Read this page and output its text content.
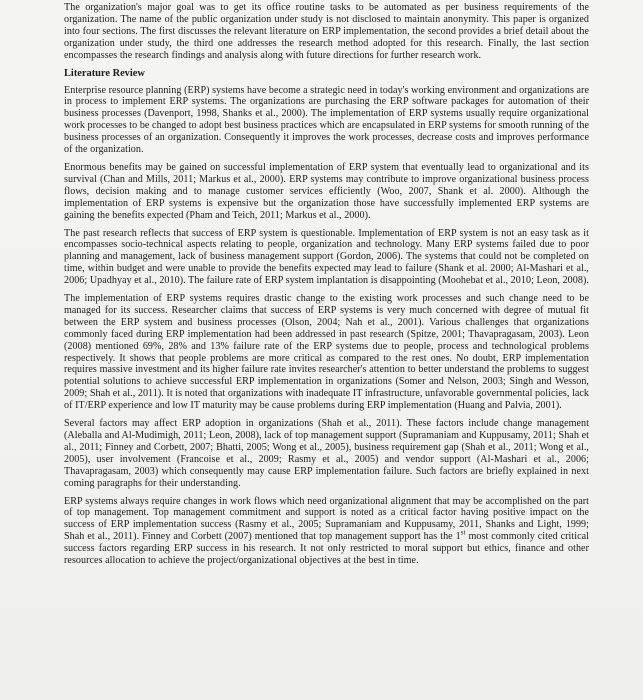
The organization's major goal was to get its office routine tasks to be automated as per business requirements of the organization. The name of the public organization under study is not disclosed to maintain anonymity. This paper is organized into four sections. The first discusses the relevant literature on ERP implementation, the second provides a brief detail about the organization under study, the third one addresses the research method adopted for this research. Finally, the last section encompasses the research findings and analysis along with future directions for further research work.

Literature Review

Enterprise resource planning (ERP) systems have become a strategic need in today's working environment and organizations are in process to implement ERP systems. The organizations are purchasing the ERP software packages for automation of their business processes (Davenport, 1998, Shanks et al., 2000). The implementation of ERP systems usually require organizational work processes to be changed to adopt best business practices which are encapsulated in ERP systems for smooth running of the business processes of an organization. Consequently it improves the work processes, decrease costs and improves performance of the organization.

Enormous benefits may be gained on successful implementation of ERP system that eventually lead to organizational and its survival (Chan and Mills, 2011; Markus et al., 2000). ERP systems may contribute to improve organizational business process flows, decision making and to manage customer services efficiently (Woo, 2007, Shank et al. 2000). Although the implementation of ERP systems is expensive but the organization those have successfully implemented ERP systems are gaining the benefits expected (Pham and Teich, 2011; Markus et al., 2000).

The past research reflects that success of ERP system is questionable. Implementation of ERP system is not an easy task as it encompasses socio-technical aspects relating to people, organization and technology. Many ERP systems failed due to poor planning and management, lack of business management support (Gordon, 2006). The systems that could not be completed on time, within budget and were unable to provide the benefits expected may lead to failure (Shank et al. 2000; Al-Mashari et al., 2006; Upadhyay et al., 2010). The failure rate of ERP system implantation is disappointing (Moohebat et al., 2010; Leon, 2008).

The implementation of ERP systems requires drastic change to the existing work processes and such change need to be managed for its success. Researcher claims that success of ERP systems is very much concerned with degree of mutual fit between the ERP system and business processes (Olson, 2004; Nah et al., 2001). Various challenges that organizations commonly faced during ERP implementation had been addressed in past research (Spitze, 2001; Thavapragasam, 2003). Leon (2008) mentioned 69%, 28% and 13% failure rate of the ERP systems due to people, process and technological problems respectively. It shows that people problems are more critical as compared to the rest ones. No doubt, ERP implementation requires massive investment and its higher failure rate invites researcher's attention to better understand the problems to suggest potential solutions to achieve successful ERP implementation in organizations (Somer and Nelson, 2003; Singh and Wesson, 2009; Shah et al., 2011). It is noted that organizations with inadequate IT infrastructure, unfavorable governmental policies, lack of IT/ERP experience and low IT maturity may be cause problems during ERP implementation (Huang and Palvia, 2001).

Several factors may affect ERP adoption in organizations (Shah et al., 2011). These factors include change management (Aleballa and Al-Mudimigh, 2011; Leon, 2008), lack of top management support (Supramaniam and Kuppusamy, 2011; Shah et al., 2011; Finney and Corbett, 2007; Bhatti, 2005; Wong et al., 2005), business requirement gap (Shah et al., 2011; Wong et al., 2005), user involvement (Francoise et al., 2009; Rasmy et al., 2005) and vendor support (Al-Mashari et al., 2006; Thavapragasam, 2003) which consequently may cause ERP implementation failure. Such factors are briefly explained in next coming paragraphs for their understanding.

ERP systems always require changes in work flows which need organizational alignment that may be accomplished on the part of top management. Top management commitment and support is noted as a critical factor having positive impact on the success of ERP implementation success (Rasmy et al., 2005; Supramaniam and Kuppusamy, 2011, Shanks and Light, 1999; Shah et al., 2011). Finney and Corbett (2007) mentioned that top management support has the 1st most commonly cited critical success factors regarding ERP success in his research. It not only restricted to moral support but ethics, finance and other resources allocation to achieve the project/organizational objectives at the best in time.
